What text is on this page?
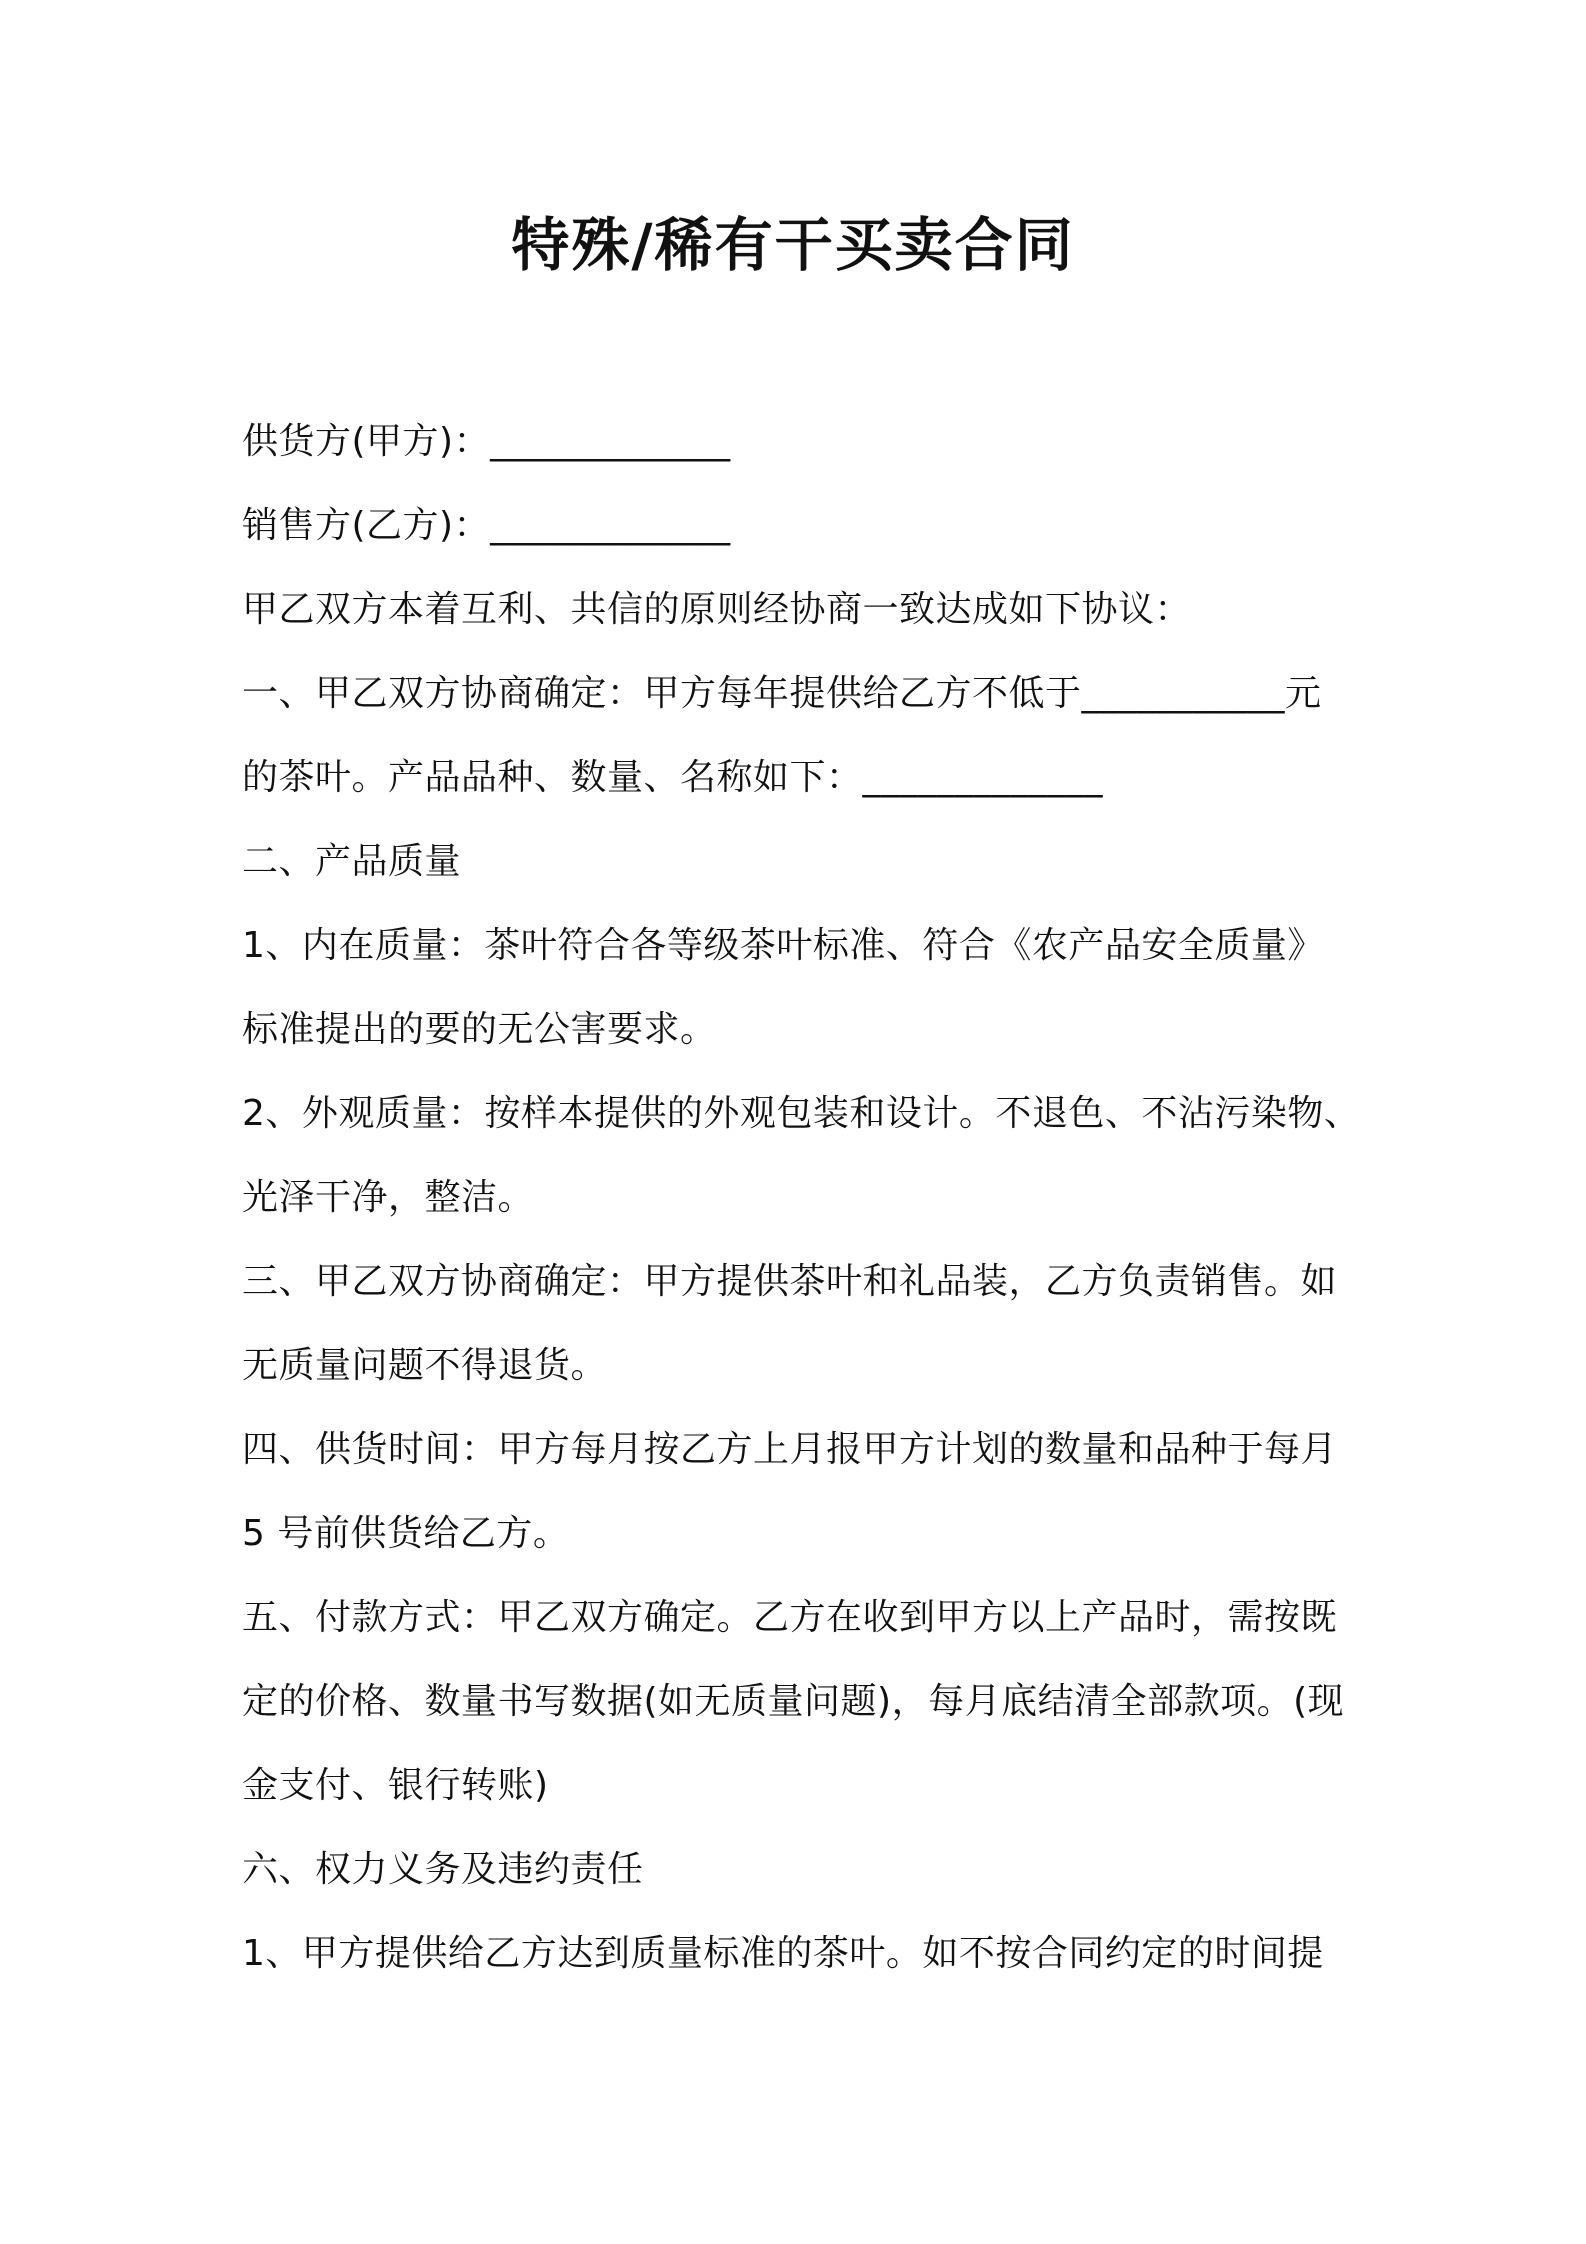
特殊/稀有干买卖合同
供货方(甲方)：_____________
销售方(乙方)：_____________
甲乙双方本着互利、共信的原则经协商一致达成如下协议：
一、甲乙双方协商确定：甲方每年提供给乙方不低于___________元
的茶叶。产品品种、数量、名称如下：_____________
二、产品质量
1、内在质量：茶叶符合各等级茶叶标准、符合《农产品安全质量》
标准提出的要的无公害要求。
2、外观质量：按样本提供的外观包装和设计。不退色、不沾污染物、
光泽干净，整洁。
三、甲乙双方协商确定：甲方提供茶叶和礼品装，乙方负责销售。如
无质量问题不得退货。
四、供货时间：甲方每月按乙方上月报甲方计划的数量和品种于每月
5 号前供货给乙方。
五、付款方式：甲乙双方确定。乙方在收到甲方以上产品时，需按既
定的价格、数量书写数据(如无质量问题)，每月底结清全部款项。(现
金支付、银行转账)
六、权力义务及违约责任
1、甲方提供给乙方达到质量标准的茶叶。如不按合同约定的时间提
